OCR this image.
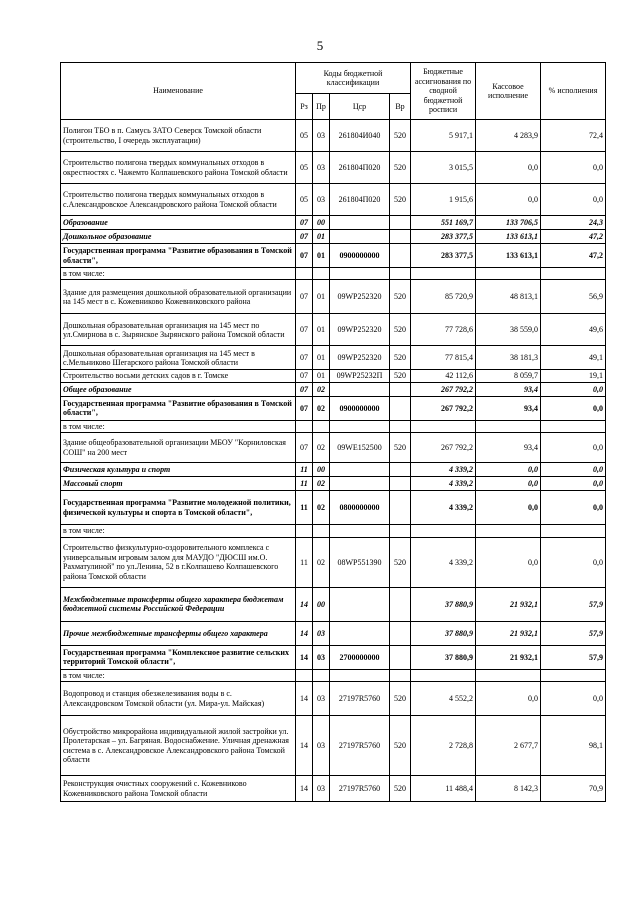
5
Наименование	Коды бюджетной классификации				Бюджетные ассигнования по сводной бюджетной росписи	Кассовое исполнение	% исполнения
	Рз	Пр	Цср	Вр			
Полигон ТБО в п. Самусь ЗАТО Северск Томской области (строительство, I очередь эксплуатации)	05	03	261804И040	520	5 917,1	4 283,9	72,4
Строительство полигона твердых коммунальных отходов в окрестностях с. Чажемто Колпашевского района Томской области	05	03	261804П020	520	3 015,5	0,0	0,0
Строительство полигона твердых коммунальных отходов в с.Александровское Александровского района Томской области	05	03	261804П020	520	1 915,6	0,0	0,0
Образование	07	00			551 169,7	133 706,5	24,3
Дошкольное образование	07	01			283 377,5	133 613,1	47,2
Государственная программа "Развитие образования в Томской области",	07	01	0900000000		283 377,5	133 613,1	47,2
в том числе:							
Здание для размещения дошкольной образовательной организации на 145 мест в с. Кожевниково Кожевниковского района	07	01	09WP252320	520	85 720,9	48 813,1	56,9
Дошкольная образовательная организация на 145 мест по ул.Смирнова в с. Зырянское Зырянского района Томской области	07	01	09WP252320	520	77 728,6	38 559,0	49,6
Дошкольная образовательная организация на 145 мест в с.Мельниково Шегарского района Томской области	07	01	09WP252320	520	77 815,4	38 181,3	49,1
Строительство восьми детских садов в г. Томске	07	01	09WP25232П	520	42 112,6	8 059,7	19,1
Общее образование	07	02			267 792,2	93,4	0,0
Государственная программа "Развитие образования в Томской области",	07	02	0900000000		267 792,2	93,4	0,0
в том числе:							
Здание общеобразовательной организации МБОУ "Корниловская СОШ" на 200 мест	07	02	09WE152500	520	267 792,2	93,4	0,0
Физическая культура и спорт	11	00			4 339,2	0,0	0,0
Массовый спорт	11	02			4 339,2	0,0	0,0
Государственная программа "Развитие молодежной политики, физической культуры и спорта в Томской области",	11	02	0800000000		4 339,2	0,0	0,0
в том числе:							
Строительство физкультурно-оздоровительного комплекса с универсальным игровым залом для МАУДО "ДЮСШ им.О. Рахматулиной" по ул.Ленина, 52 в г.Колпашево Колпашевского района Томской области	11	02	08WP551390	520	4 339,2	0,0	0,0
Межбюджетные трансферты общего характера бюджетам бюджетной системы Российской Федерации	14	00			37 880,9	21 932,1	57,9
Прочие межбюджетные трансферты общего характера	14	03			37 880,9	21 932,1	57,9
Государственная программа "Комплексное развитие сельских территорий Томской области",	14	03	2700000000		37 880,9	21 932,1	57,9
в том числе:							
Водопровод и станция обезжелезивания воды в с. Александровском Томской области (ул. Мира-ул. Майская)	14	03	27197R5760	520	4 552,2	0,0	0,0
Обустройство микрорайона индивидуальной жилой застройки ул. Пролетарская – ул. Багряная. Водоснабжение. Уличная дренажная система в с. Александровское Александровского района Томской области	14	03	27197R5760	520	2 728,8	2 677,7	98,1
Реконструкция очистных сооружений с. Кожевниково Кожевниковского района Томской области	14	03	27197R5760	520	11 488,4	8 142,3	70,9
